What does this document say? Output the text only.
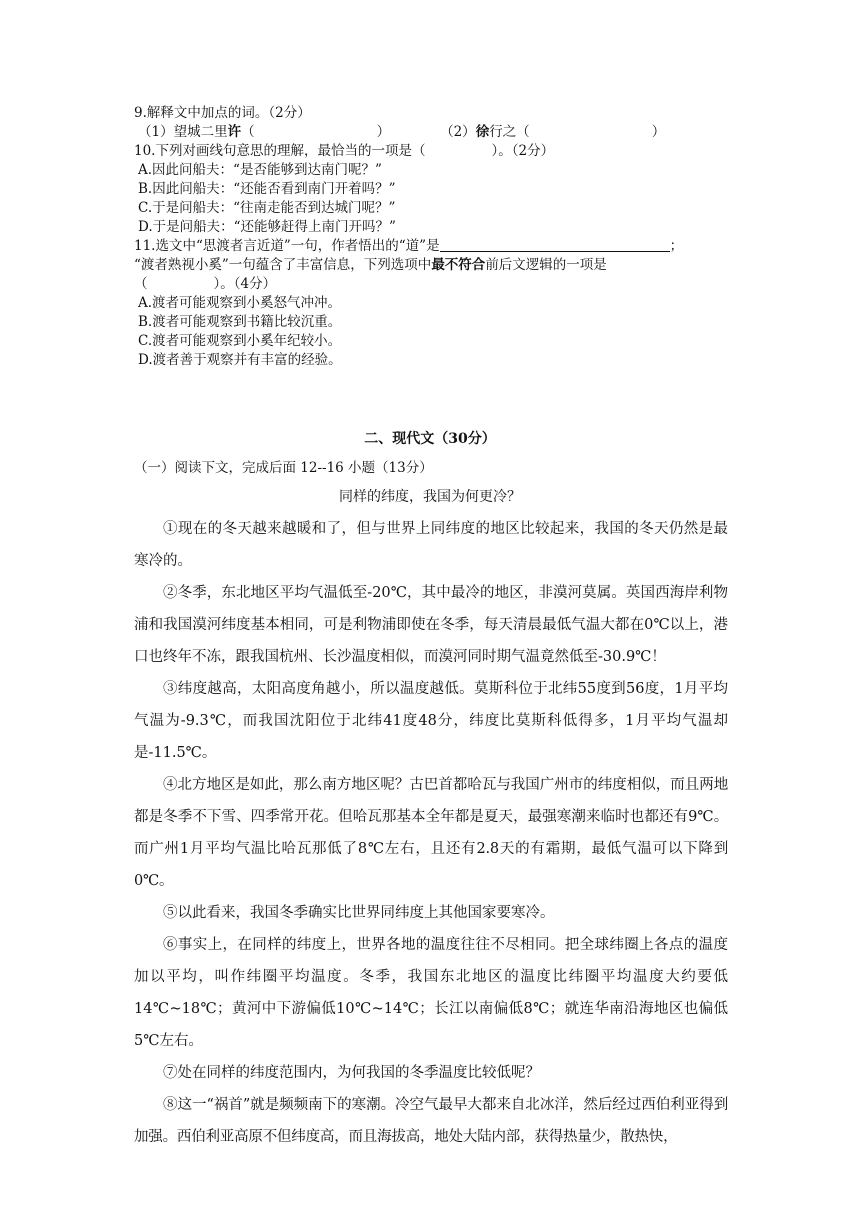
9.解释文中加点的词。（2分）
（1）望城二里许（	）	（2）徐行之（	）
10.下列对画线句意思的理解，最恰当的一项是（	）。（2分）
A.因此问船夫：“是否能够到达南门呢？”
B.因此问船夫：“还能否看到南门开着吗？”
C.于是问船夫：“往南走能否到达城门呢？”
D.于是问船夫：“还能够赶得上南门开吗？”
11.选文中“思渡者言近道”一句，作者悟出的“道”是	；
“渡者熟视小奚”一句蕴含了丰富信息，下列选项中最不符合前后文逻辑的一项是
（	）。（4分）
A.渡者可能观察到小奚怒气冲冲。
B.渡者可能观察到书籍比较沉重。
C.渡者可能观察到小奚年纪较小。
D.渡者善于观察并有丰富的经验。
二、现代文（30分）
（一）阅读下文，完成后面 12--16 小题（13分）
同样的纬度，我国为何更冷？

①现在的冬天越来越暖和了，但与世界上同纬度的地区比较起来，我国的冬天仍然是最寒冷的。

②冬季，东北地区平均气温低至-20℃，其中最冷的地区，非漠河莫属。英国西海岸利物浦和我国漠河纬度基本相同，可是利物浦即使在冬季，每天清晨最低气温大都在0℃以上，港口也终年不冻，跟我国杭州、长沙温度相似，而漠河同时期气温竟然低至-30.9℃！

③纬度越高，太阳高度角越小，所以温度越低。莫斯科位于北纬55度到56度，1月平均气温为-9.3℃，而我国沈阳位于北纬41度48分，纬度比莫斯科低得多，1月平均气温却是-11.5℃。

④北方地区是如此，那么南方地区呢？古巴首都哈瓦与我国广州市的纬度相似，而且两地都是冬季不下雪、四季常开花。但哈瓦那基本全年都是夏天，最强寒潮来临时也都还有9℃。而广州1月平均气温比哈瓦那低了8℃左右，且还有2.8天的有霜期，最低气温可以下降到0℃。

⑤以此看来，我国冬季确实比世界同纬度上其他国家要寒冷。

⑥事实上，在同样的纬度上，世界各地的温度往往不尽相同。把全球纬圈上各点的温度加以平均，叫作纬圈平均温度。冬季，我国东北地区的温度比纬圈平均温度大约要低14℃~18℃；黄河中下游偏低10℃~14℃；长江以南偏低8℃；就连华南沿海地区也偏低5℃左右。

⑦处在同样的纬度范围内，为何我国的冬季温度比较低呢？

⑧这一“祸首”就是频频南下的寒潮。冷空气最早大都来自北冰洋，然后经过西伯利亚得到加强。西伯利亚高原不但纬度高，而且海拔高，地处大陆内部，获得热量少，散热快，
